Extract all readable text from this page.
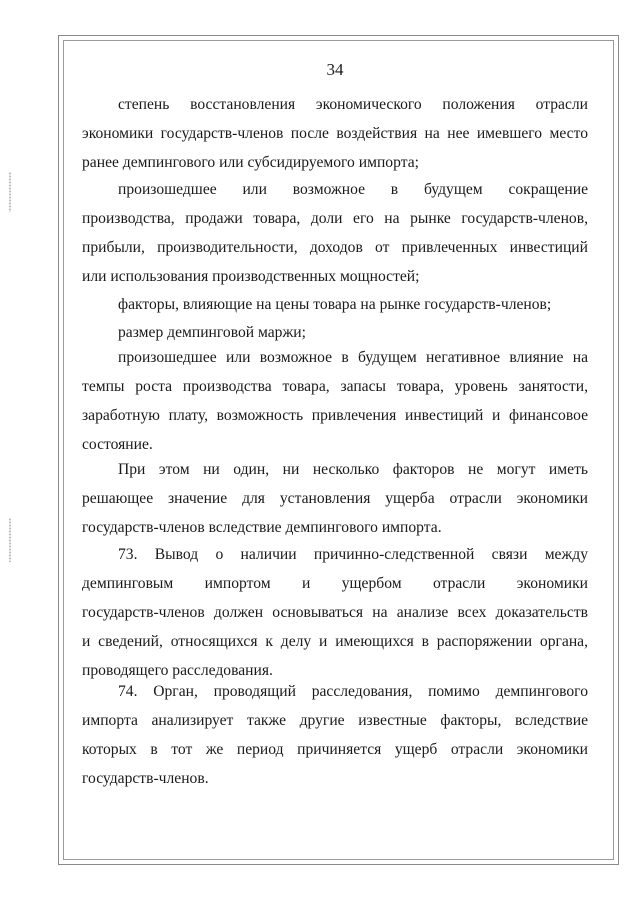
34
степень восстановления экономического положения отрасли
экономики государств-членов после воздействия на нее имевшего место
ранее демпингового или субсидируемого импорта;
произошедшее или возможное в будущем сокращение
производства, продажи товара, доли его на рынке государств-членов,
прибыли, производительности, доходов от привлеченных инвестиций
или использования производственных мощностей;
факторы, влияющие на цены товара на рынке государств-членов;
размер демпинговой маржи;
произошедшее или возможное в будущем негативное влияние на
темпы роста производства товара, запасы товара, уровень занятости,
заработную плату, возможность привлечения инвестиций и финансовое
состояние.
При этом ни один, ни несколько факторов не могут иметь
решающее значение для установления ущерба отрасли экономики
государств-членов вследствие демпингового импорта.
73. Вывод о наличии причинно-следственной связи между
демпинговым импортом и ущербом отрасли экономики
государств-членов должен основываться на анализе всех доказательств
и сведений, относящихся к делу и имеющихся в распоряжении органа,
проводящего расследования.
74. Орган, проводящий расследования, помимо демпингового
импорта анализирует также другие известные факторы, вследствие
которых в тот же период причиняется ущерб отрасли экономики
государств-членов.
